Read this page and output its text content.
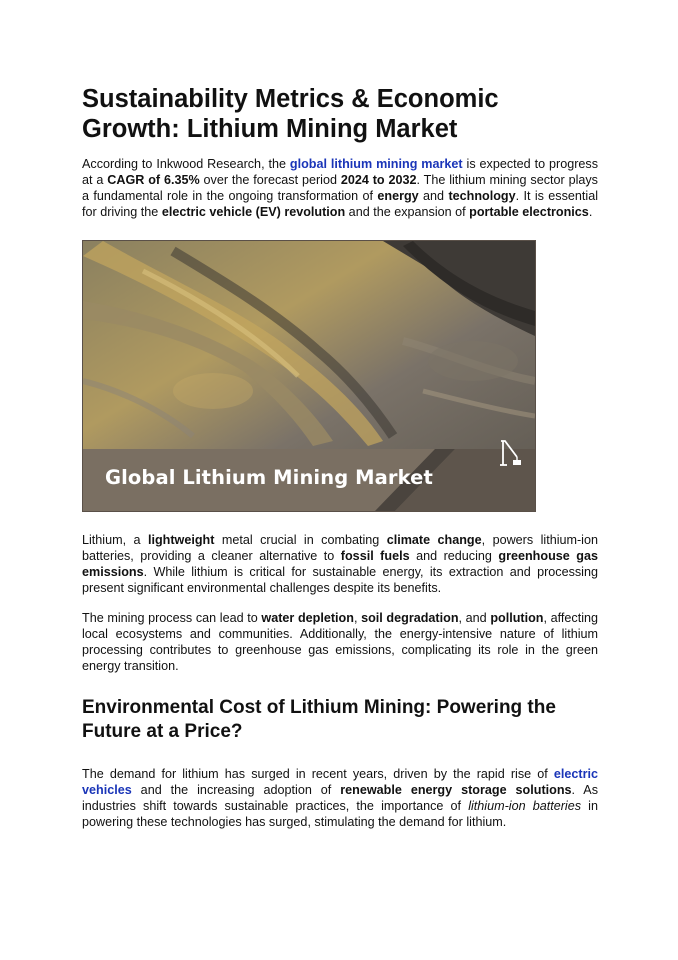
Sustainability Metrics & Economic Growth: Lithium Mining Market

According to Inkwood Research, the global lithium mining market is expected to progress at a CAGR of 6.35% over the forecast period 2024 to 2032. The lithium mining sector plays a fundamental role in the ongoing transformation of energy and technology. It is essential for driving the electric vehicle (EV) revolution and the expansion of portable electronics.

Global Lithium Mining Market

Lithium, a lightweight metal crucial in combating climate change, powers lithium-ion batteries, providing a cleaner alternative to fossil fuels and reducing greenhouse gas emissions. While lithium is critical for sustainable energy, its extraction and processing present significant environmental challenges despite its benefits.

The mining process can lead to water depletion, soil degradation, and pollution, affecting local ecosystems and communities. Additionally, the energy-intensive nature of lithium processing contributes to greenhouse gas emissions, complicating its role in the green energy transition.

Environmental Cost of Lithium Mining: Powering the Future at a Price?

The demand for lithium has surged in recent years, driven by the rapid rise of electric vehicles and the increasing adoption of renewable energy storage solutions. As industries shift towards sustainable practices, the importance of lithium-ion batteries in powering these technologies has surged, stimulating the demand for lithium.
